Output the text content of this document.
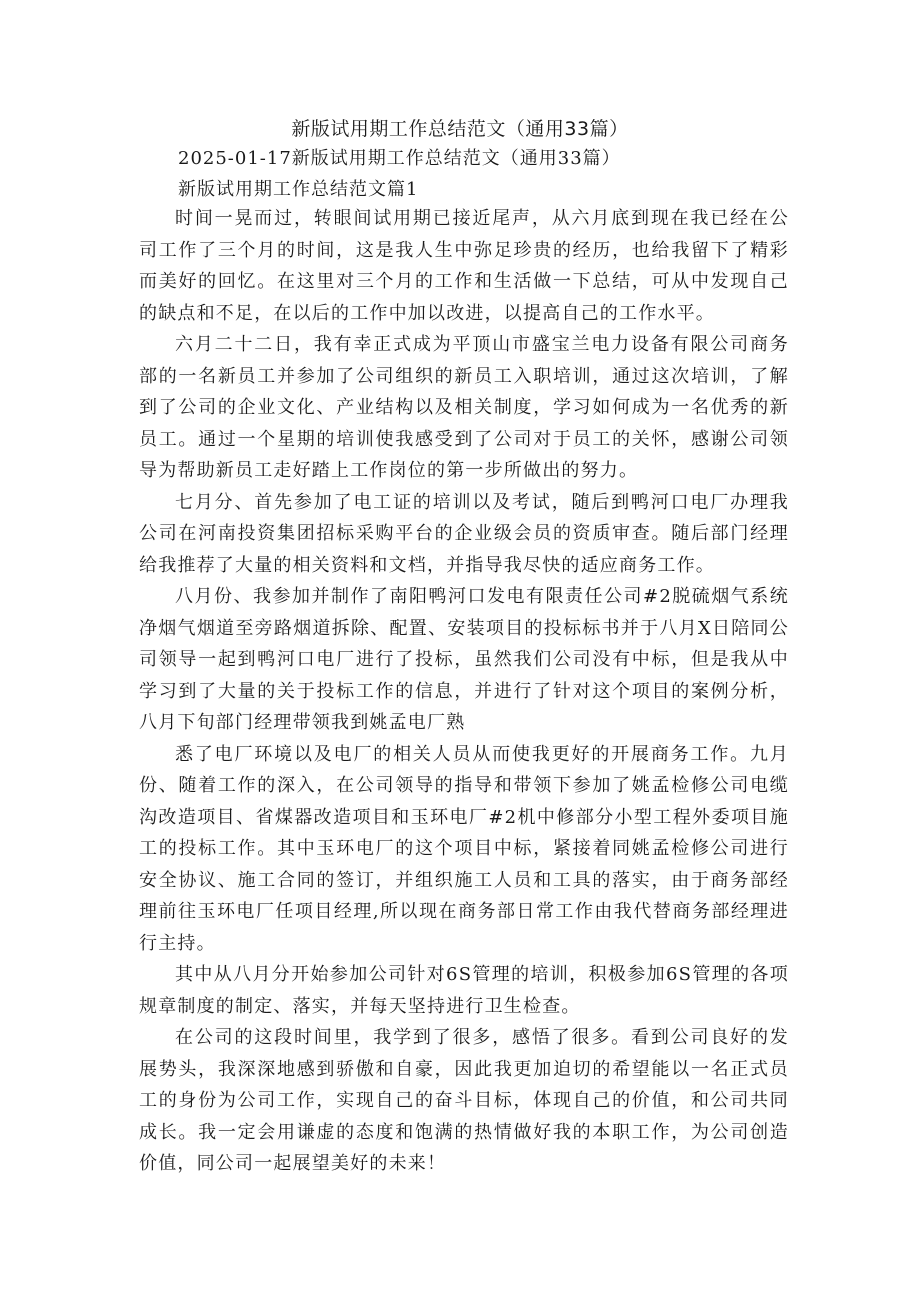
新版试用期工作总结范文（通用33篇）
2025-01-17新版试用期工作总结范文（通用33篇）
新版试用期工作总结范文篇1

时间一晃而过，转眼间试用期已接近尾声，从六月底到现在我已经在公司工作了三个月的时间，这是我人生中弥足珍贵的经历，也给我留下了精彩而美好的回忆。在这里对三个月的工作和生活做一下总结，可从中发现自己的缺点和不足，在以后的工作中加以改进，以提高自己的工作水平。

六月二十二日，我有幸正式成为平顶山市盛宝兰电力设备有限公司商务部的一名新员工并参加了公司组织的新员工入职培训，通过这次培训，了解到了公司的企业文化、产业结构以及相关制度，学习如何成为一名优秀的新员工。通过一个星期的培训使我感受到了公司对于员工的关怀，感谢公司领导为帮助新员工走好踏上工作岗位的第一步所做出的努力。

七月分、首先参加了电工证的培训以及考试，随后到鸭河口电厂办理我公司在河南投资集团招标采购平台的企业级会员的资质审查。随后部门经理给我推荐了大量的相关资料和文档，并指导我尽快的适应商务工作。

八月份、我参加并制作了南阳鸭河口发电有限责任公司#2脱硫烟气系统净烟气烟道至旁路烟道拆除、配置、安装项目的投标标书并于八月X日陪同公司领导一起到鸭河口电厂进行了投标，虽然我们公司没有中标，但是我从中学习到了大量的关于投标工作的信息，并进行了针对这个项目的案例分析，八月下旬部门经理带领我到姚孟电厂熟

悉了电厂环境以及电厂的相关人员从而使我更好的开展商务工作。九月份、随着工作的深入，在公司领导的指导和带领下参加了姚孟检修公司电缆沟改造项目、省煤器改造项目和玉环电厂#2机中修部分小型工程外委项目施工的投标工作。其中玉环电厂的这个项目中标，紧接着同姚孟检修公司进行安全协议、施工合同的签订，并组织施工人员和工具的落实，由于商务部经理前往玉环电厂任项目经理,所以现在商务部日常工作由我代替商务部经理进行主持。

其中从八月分开始参加公司针对6S管理的培训，积极参加6S管理的各项规章制度的制定、落实，并每天坚持进行卫生检查。

在公司的这段时间里，我学到了很多，感悟了很多。看到公司良好的发展势头，我深深地感到骄傲和自豪，因此我更加迫切的希望能以一名正式员工的身份为公司工作，实现自己的奋斗目标，体现自己的价值，和公司共同成长。我一定会用谦虚的态度和饱满的热情做好我的本职工作，为公司创造价值，同公司一起展望美好的未来！
